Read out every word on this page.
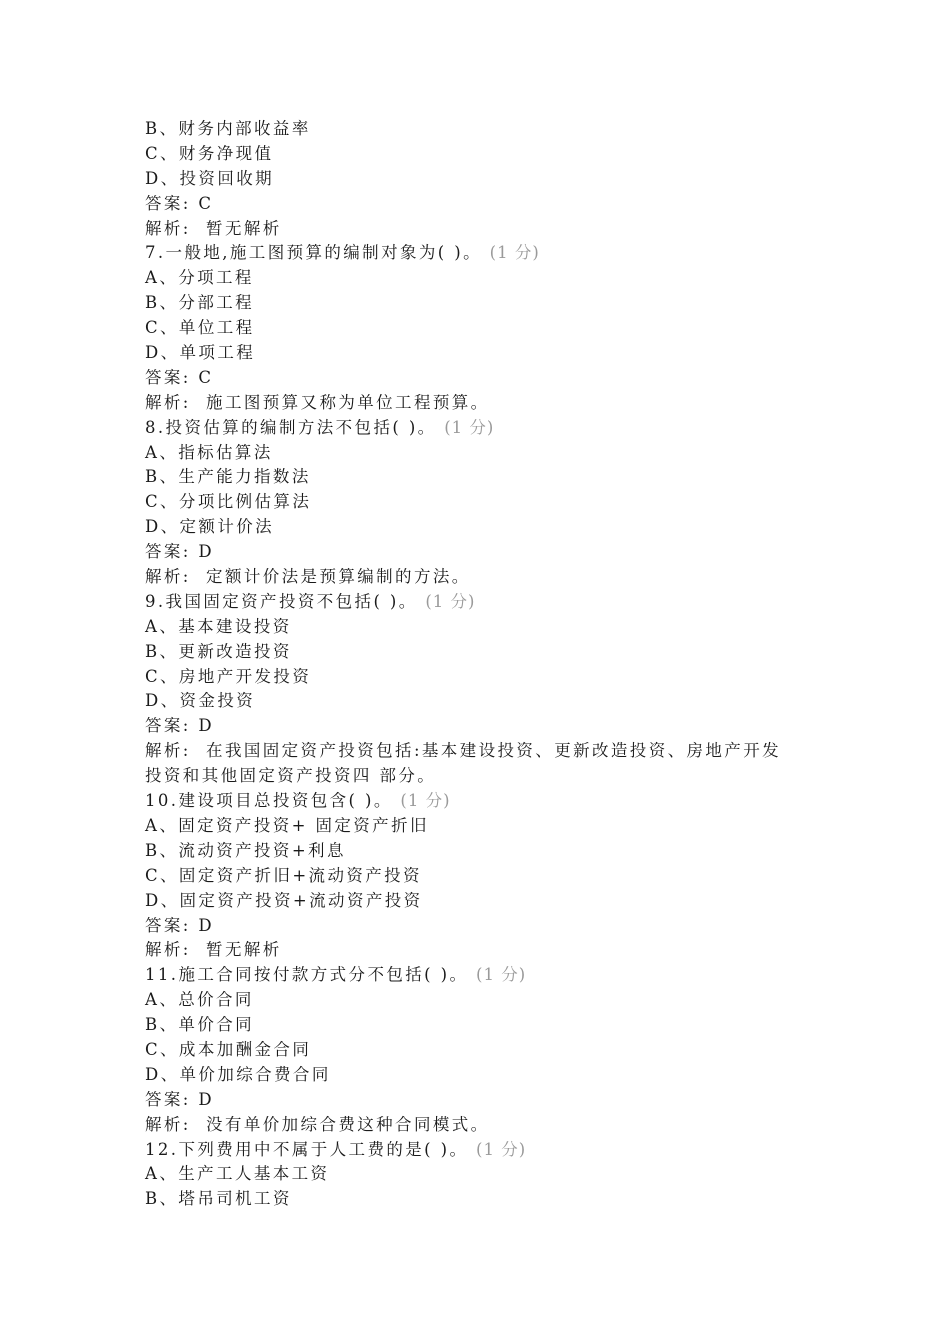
B、财务内部收益率
C、财务净现值
D、投资回收期
答案: C
解析:  暂无解析
7.一般地,施工图预算的编制对象为( )。 (1 分)
A、分项工程
B、分部工程
C、单位工程
D、单项工程
答案: C
解析:  施工图预算又称为单位工程预算。
8.投资估算的编制方法不包括( )。 (1 分)
A、指标估算法
B、生产能力指数法
C、分项比例估算法
D、定额计价法
答案: D
解析:  定额计价法是预算编制的方法。
9.我国固定资产投资不包括( )。 (1 分)
A、基本建设投资
B、更新改造投资
C、房地产开发投资
D、资金投资
答案: D
解析:  在我国固定资产投资包括:基本建设投资、更新改造投资、房地产开发
投资和其他固定资产投资四 部分。
10.建设项目总投资包含( )。 (1 分)
A、固定资产投资+ 固定资产折旧
B、流动资产投资+利息
C、固定资产折旧+流动资产投资
D、固定资产投资+流动资产投资
答案: D
解析:  暂无解析
11.施工合同按付款方式分不包括( )。 (1 分)
A、总价合同
B、单价合同
C、成本加酬金合同
D、单价加综合费合同
答案: D
解析:  没有单价加综合费这种合同模式。
12.下列费用中不属于人工费的是( )。 (1 分)
A、生产工人基本工资
B、塔吊司机工资
